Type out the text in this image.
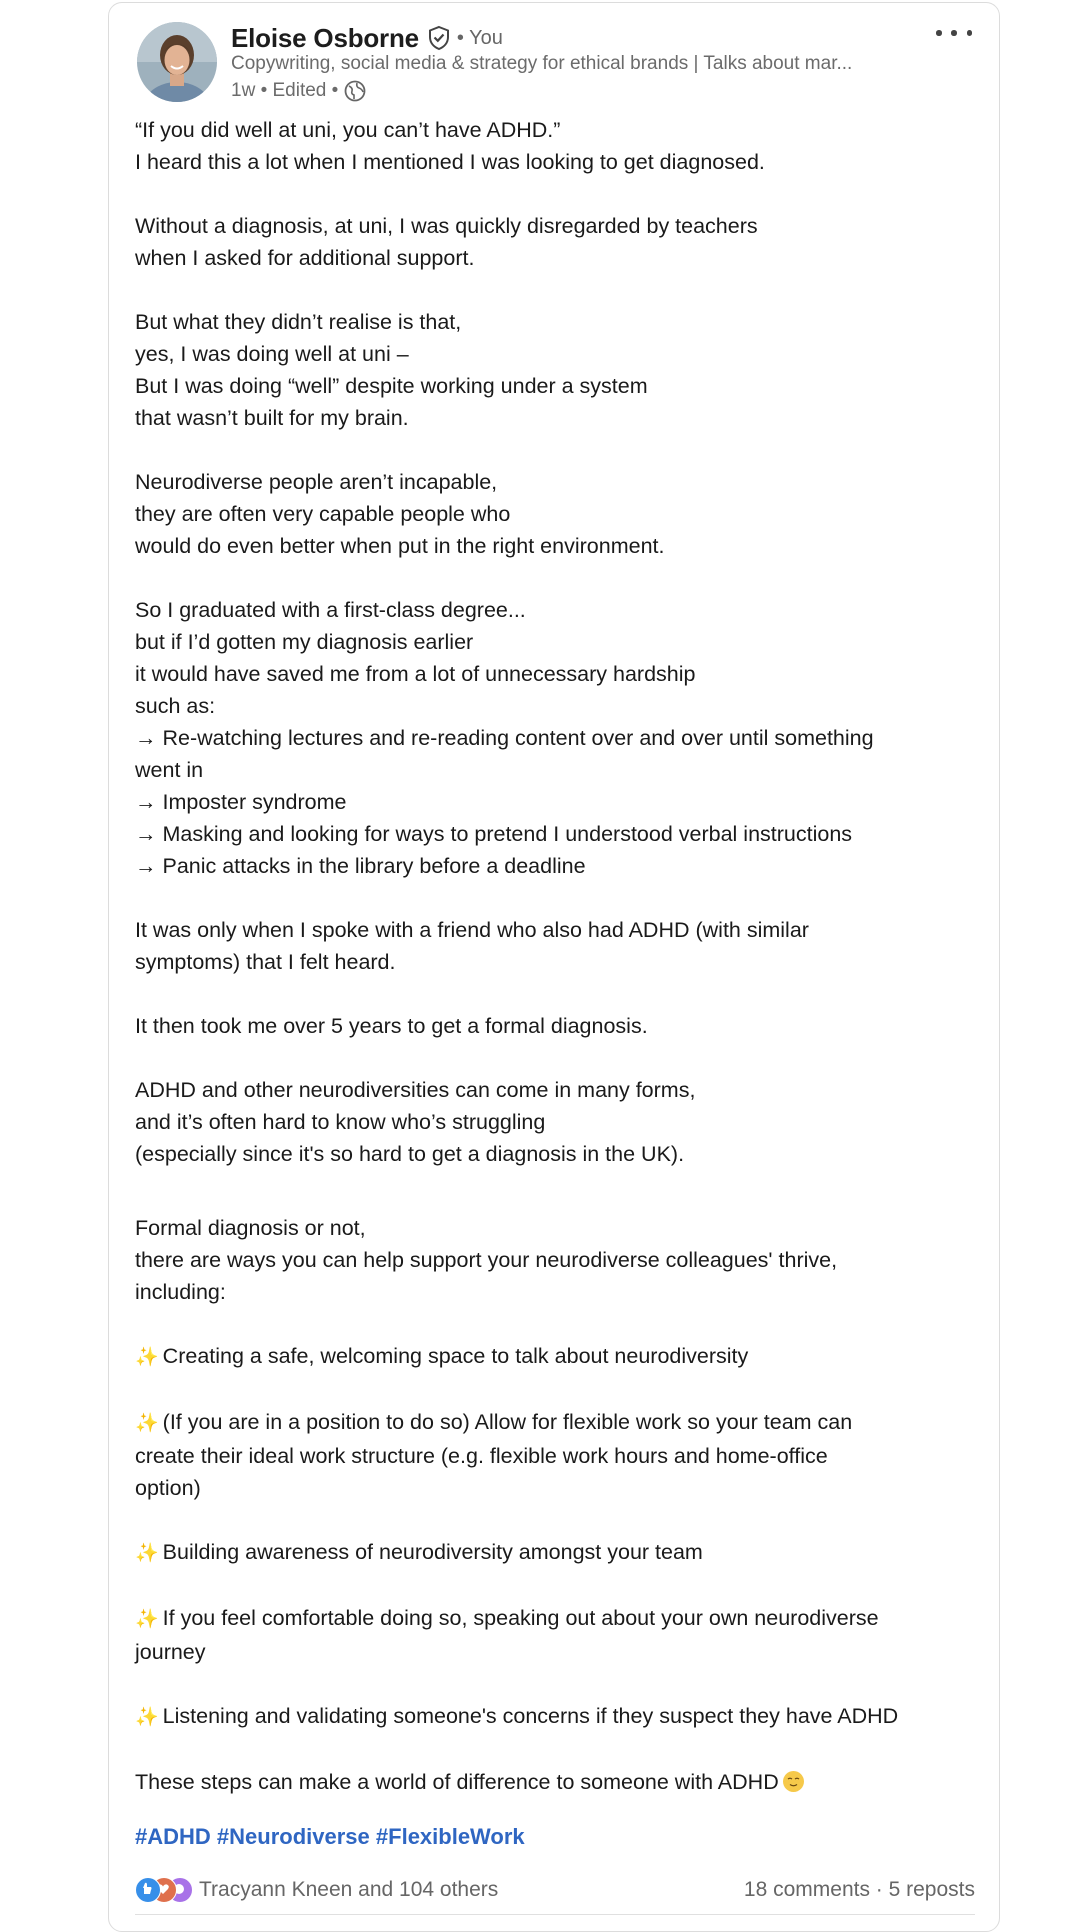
Eloise Osborne • You
Copywriting, social media & strategy for ethical brands | Talks about mar...
1w • Edited •

“If you did well at uni, you can’t have ADHD.”

I heard this a lot when I mentioned I was looking to get diagnosed.

Without a diagnosis, at uni, I was quickly disregarded by teachers

when I asked for additional support.

But what they didn’t realise is that,

yes, I was doing well at uni –

But I was doing “well” despite working under a system

that wasn’t built for my brain.

Neurodiverse people aren’t incapable,

they are often very capable people who

would do even better when put in the right environment.

So I graduated with a first-class degree...

but if I’d gotten my diagnosis earlier

it would have saved me from a lot of unnecessary hardship

such as:

→ Re-watching lectures and re-reading content over and over until something

went in

→ Imposter syndrome

→ Masking and looking for ways to pretend I understood verbal instructions

→ Panic attacks in the library before a deadline

It was only when I spoke with a friend who also had ADHD (with similar

symptoms) that I felt heard.

It then took me over 5 years to get a formal diagnosis.

ADHD and other neurodiversities can come in many forms,

and it’s often hard to know who’s struggling

(especially since it's so hard to get a diagnosis in the UK).

Formal diagnosis or not,

there are ways you can help support your neurodiverse colleagues' thrive,

including:

✨ Creating a safe, welcoming space to talk about neurodiversity

✨ (If you are in a position to do so) Allow for flexible work so your team can

create their ideal work structure (e.g. flexible work hours and home-office

option)

✨ Building awareness of neurodiversity amongst your team

✨ If you feel comfortable doing so, speaking out about your own neurodiverse

journey

✨ Listening and validating someone's concerns if they suspect they have ADHD

These steps can make a world of difference to someone with ADHD

#ADHD #Neurodiverse #FlexibleWork
Tracyann Kneen and 104 others	18 comments · 5 reposts
